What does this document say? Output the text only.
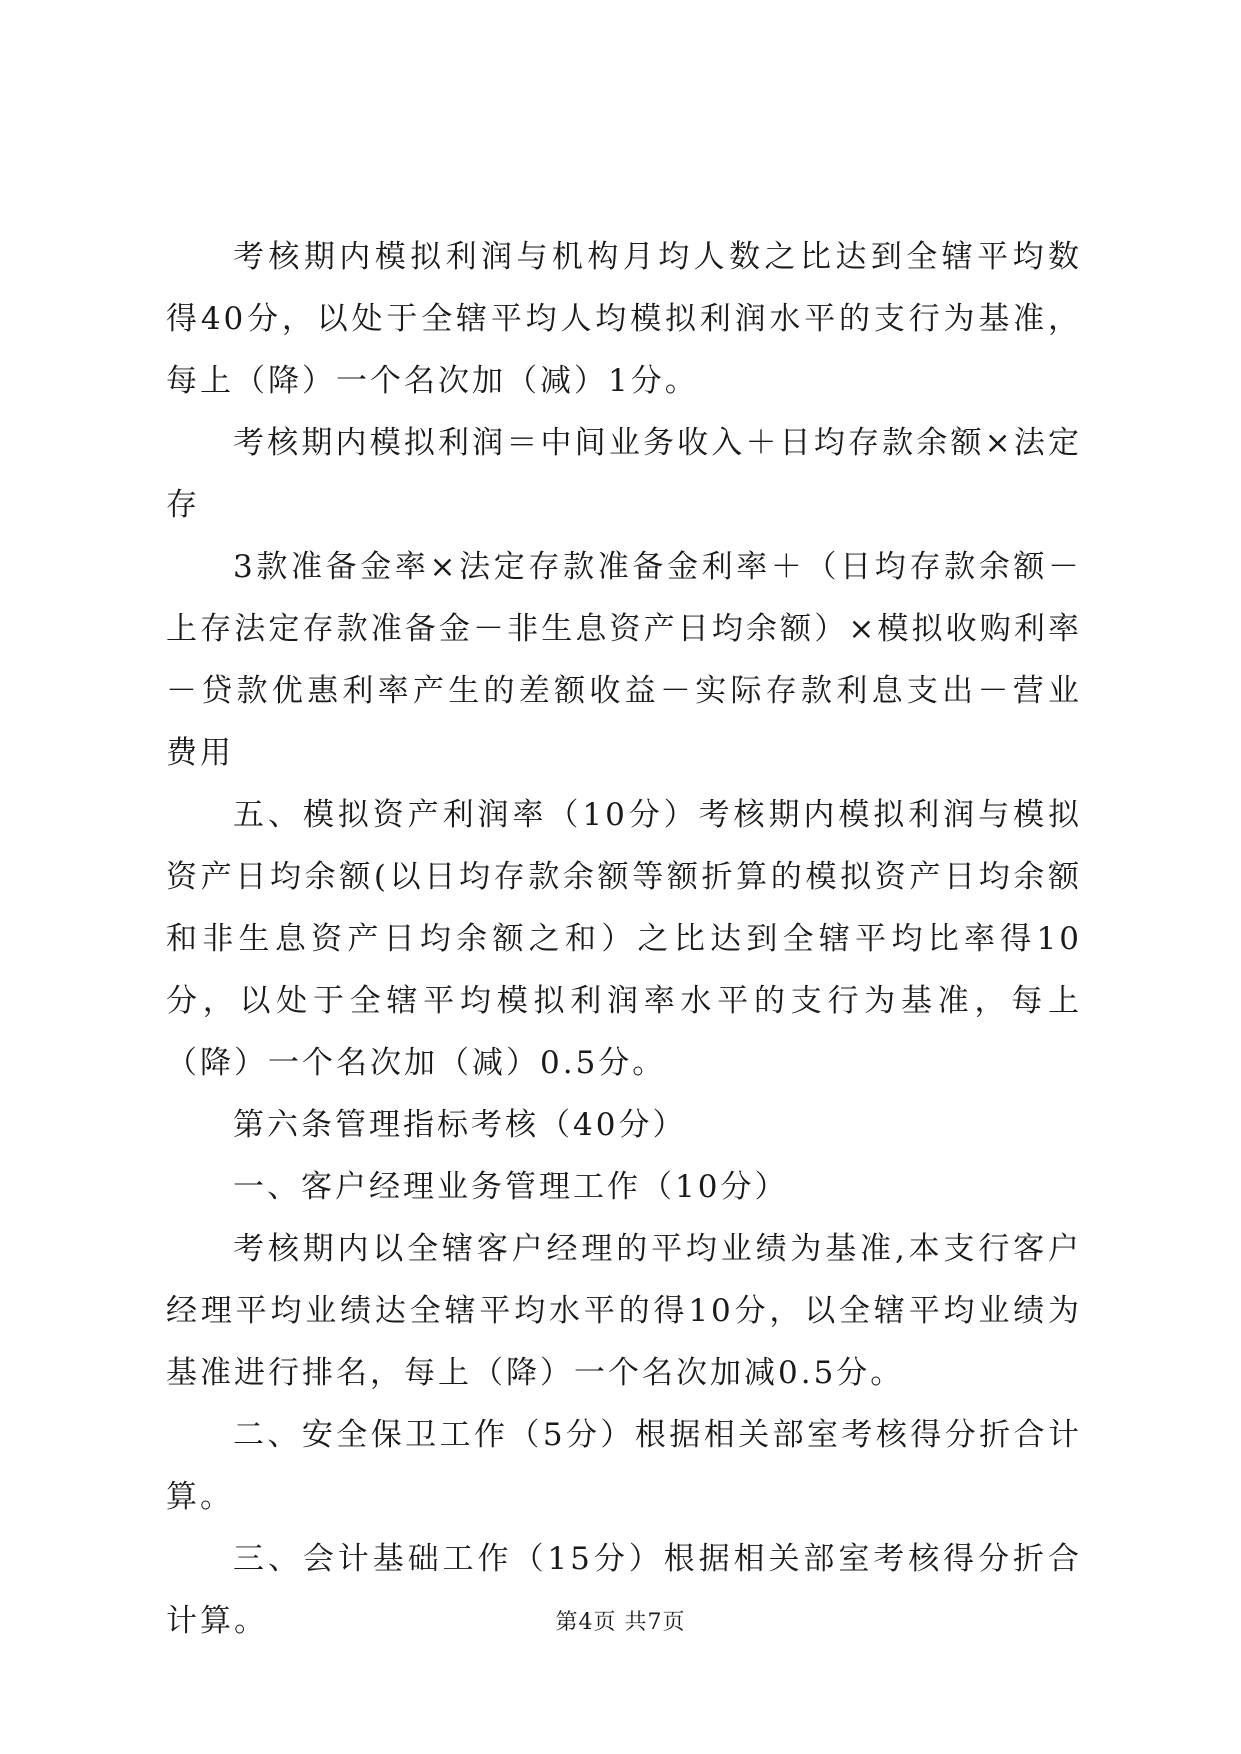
考核期内模拟利润与机构月均人数之比达到全辖平均数得40分，以处于全辖平均人均模拟利润水平的支行为基准，每上（降）一个名次加（减）1分。

考核期内模拟利润＝中间业务收入＋日均存款余额×法定存

3款准备金率×法定存款准备金利率＋（日均存款余额－上存法定存款准备金－非生息资产日均余额）×模拟收购利率－贷款优惠利率产生的差额收益－实际存款利息支出－营业费用

五、模拟资产利润率（10分）考核期内模拟利润与模拟资产日均余额(以日均存款余额等额折算的模拟资产日均余额和非生息资产日均余额之和）之比达到全辖平均比率得10分，以处于全辖平均模拟利润率水平的支行为基准，每上（降）一个名次加（减）0.5分。

第六条管理指标考核（40分）

一、客户经理业务管理工作（10分）

考核期内以全辖客户经理的平均业绩为基准,本支行客户经理平均业绩达全辖平均水平的得10分，以全辖平均业绩为基准进行排名，每上（降）一个名次加减0.5分。

二、安全保卫工作（5分）根据相关部室考核得分折合计算。

三、会计基础工作（15分）根据相关部室考核得分折合计算。	第4页 共7页
